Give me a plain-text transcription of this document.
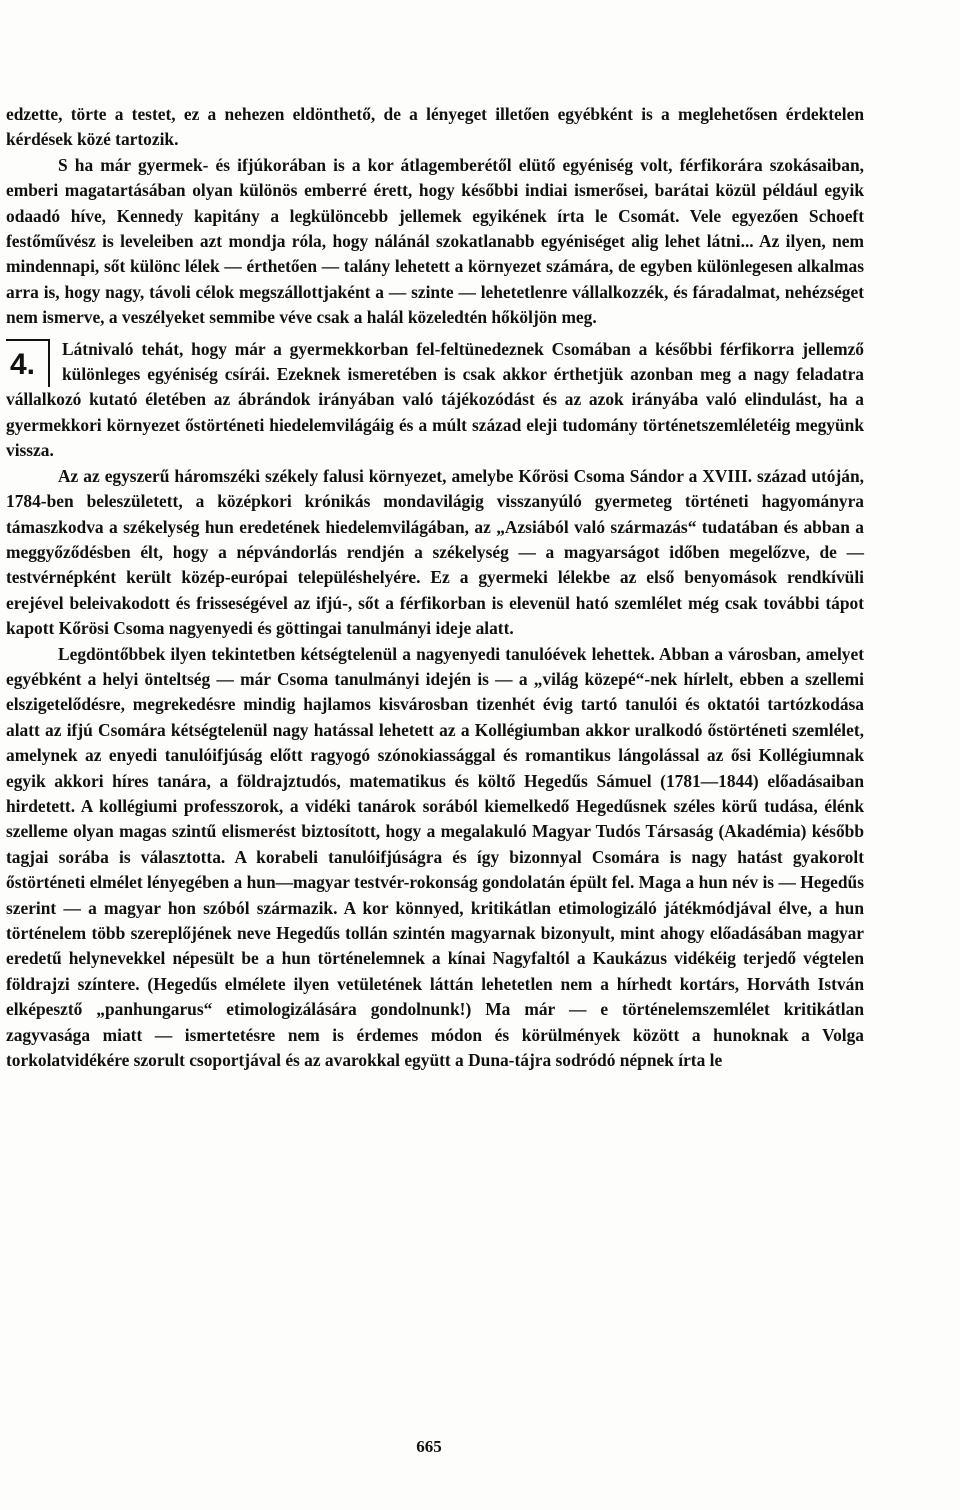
edzette, törte a testet, ez a nehezen eldönthető, de a lényeget illetően egyébként is a meglehetősen érdektelen kérdések közé tartozik.

S ha már gyermek- és ifjúkorában is a kor átlagemberétől elütő egyéniség volt, férfikorára szokásaiban, emberi magatartásában olyan különös emberré érett, hogy későbbi indiai ismerősei, barátai közül például egyik odaadó híve, Kennedy kapitány a legkülöncebb jellemek egyikének írta le Csomát. Vele egyezően Schoeft festőművész is leveleiben azt mondja róla, hogy nálánál szokatlanabb egyéniséget alig lehet látni... Az ilyen, nem mindennapi, sőt különc lélek — érthetően — talány lehetett a környezet számára, de egyben különlegesen alkalmas arra is, hogy nagy, távoli célok megszállottjaként a — szinte — lehetetlenre vállalkozzék, és fáradalmat, nehézséget nem ismerve, a veszélyeket semmibe véve csak a halál közeledtén hőköljön meg.

4.	Látnivaló tehát, hogy már a gyermekkorban fel-feltünedeznek Csomában a későbbi férfikorra jellemző különleges egyéniség csírái. Ezeknek ismeretében is csak akkor érthetjük azonban meg a nagy feladatra vállalkozó kutató életében az ábrándok irányában való tájékozódást és az azok irányába való elindulást, ha a gyermekkori környezet őstörténeti hiedelemvilágáig és a múlt század eleji tudomány történetszemléletéig megyünk vissza.

Az az egyszerű háromszéki székely falusi környezet, amelybe Kőrösi Csoma Sándor a XVIII. század utóján, 1784-ben beleszületett, a középkori krónikás mondavilágig visszanyúló gyermeteg történeti hagyományra támaszkodva a székelység hun eredetének hiedelemvilágában, az „Azsiából való származás“ tudatában és abban a meggyőződésben élt, hogy a népvándorlás rendjén a székelység — a magyarságot időben megelőzve, de — testvérnépként került közép-európai településhelyére. Ez a gyermeki lélekbe az első benyomások rendkívüli erejével beleivakodott és frisseségével az ifjú-, sőt a férfikorban is elevenül ható szemlélet még csak további tápot kapott Kőrösi Csoma nagyenyedi és göttingai tanulmányi ideje alatt.

Legdöntőbbek ilyen tekintetben kétségtelenül a nagyenyedi tanulóévek lehettek. Abban a városban, amelyet egyébként a helyi önteltség — már Csoma tanulmányi idején is — a „világ közepé“-nek hírlelt, ebben a szellemi elszigetelődésre, megrekedésre mindig hajlamos kisvárosban tizenhét évig tartó tanulói és oktatói tartózkodása alatt az ifjú Csomára kétségtelenül nagy hatással lehetett az a Kollégiumban akkor uralkodó őstörténeti szemlélet, amelynek az enyedi tanulóifjúság előtt ragyogó szónokiassággal és romantikus lángolással az ősi Kollégiumnak egyik akkori híres tanára, a földrajztudós, matematikus és költő Hegedűs Sámuel (1781—1844) előadásaiban hirdetett. A kollégiumi professzorok, a vidéki tanárok sorából kiemelkedő Hegedűsnek széles körű tudása, élénk szelleme olyan magas szintű elismerést biztosított, hogy a megalakuló Magyar Tudós Társaság (Akadémia) később tagjai sorába is választotta. A korabeli tanulóifjúságra és így bizonnyal Csomára is nagy hatást gyakorolt őstörténeti elmélet lényegében a hun—magyar testvér-rokonság gondolatán épült fel. Maga a hun név is — Hegedűs szerint — a magyar hon szóból származik. A kor könnyed, kritikátlan etimologizáló játékmódjával élve, a hun történelem több szereplőjének neve Hegedűs tollán szintén magyarnak bizonyult, mint ahogy előadásában magyar eredetű helynevekkel népesült be a hun történelemnek a kínai Nagyfaltól a Kaukázus vidékéig terjedő végtelen földrajzi színtere. (Hegedűs elmélete ilyen vetületének láttán lehetetlen nem a hírhedt kortárs, Horváth István elképesztő „panhungarus“ etimologizálására gondolnunk!) Ma már — e történelemszemlélet kritikátlan zagyvasága miatt — ismertetésre nem is érdemes módon és körülmények között a hunoknak a Volga torkolatvidékére szorult csoportjával és az avarokkal együtt a Duna-tájra sodródó népnek írta le

665
